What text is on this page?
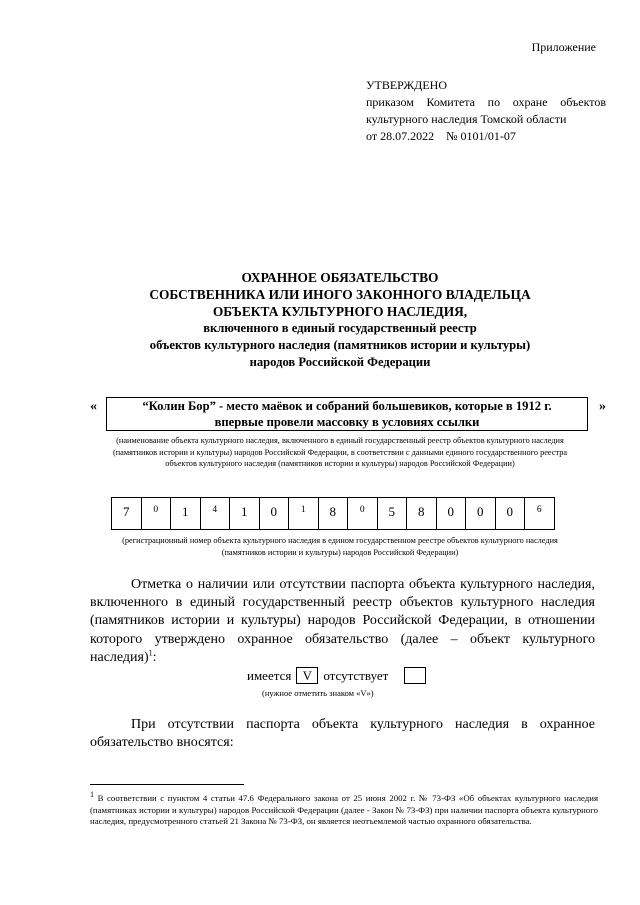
Приложение
УТВЕРЖДЕНО
приказом Комитета по охране объектов
культурного наследия Томской области
от 28.07.2022 № 0101/01-07
ОХРАННОЕ ОБЯЗАТЕЛЬСТВО
СОБСТВЕННИКА ИЛИ ИНОГО ЗАКОННОГО ВЛАДЕЛЬЦА
ОБЪЕКТА КУЛЬТУРНОГО НАСЛЕДИЯ,
включенного в единый государственный реестр
объектов культурного наследия (памятников истории и культуры)
народов Российской Федерации
«	“Колин Бор” - место маёвок и собраний большевиков, которые в 1912 г.
впервые провели массовку в условиях ссылки
»
(наименование объекта культурного наследия, включенного в единый государственный реестр объектов культурного наследия (памятников истории и культуры) народов Российской Федерации, в соответствии с данными единого государственного реестра объектов культурного наследия (памятников истории и культуры) народов Российской Федерации)
7	0	1	4	1	0	1	8	0	5	8	0	0	0	6
(регистрационный номер объекта культурного наследия в едином государственном реестре объектов культурного наследия (памятников истории и культуры) народов Российской Федерации)
Отметка о наличии или отсутствии паспорта объекта культурного наследия, включенного в единый государственный реестр объектов культурного наследия (памятников истории и культуры) народов Российской Федерации, в отношении которого утверждено охранное обязательство (далее – объект культурного наследия)$^1$:
имеется V отсутствует
(нужное отметить знаком «V»)
При отсутствии паспорта объекта культурного наследия в охранное обязательство вносятся:
$^1$ В соответствии с пунктом 4 статьи 47.6 Федерального закона от 25 июня 2002 г. № 73-ФЗ «Об объектах культурного наследия (памятниках истории и культуры) народов Российской Федерации (далее - Закон № 73-ФЗ) при наличии паспорта объекта культурного наследия, предусмотренного статьей 21 Закона № 73-ФЗ, он является неотъемлемой частью охранного обязательства.
